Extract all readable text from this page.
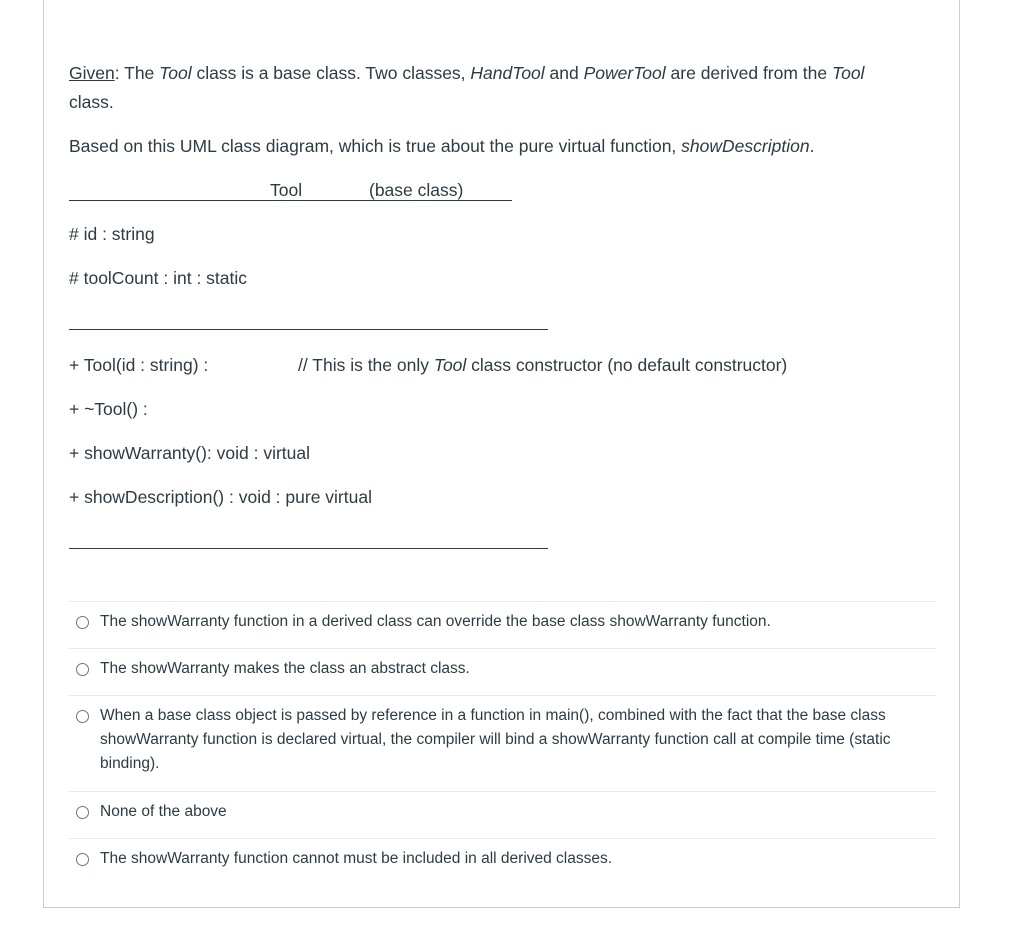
Given: The Tool class is a base class. Two classes, HandTool and PowerTool are derived from the Tool
class.
Based on this UML class diagram, which is true about the pure virtual function, showDescription.
Tool	(base class)
# id : string
# toolCount : int : static
+ Tool(id : string) :	// This is the only Tool class constructor (no default constructor)
+ ~Tool() :
+ showWarranty(): void : virtual
+ showDescription() : void : pure virtual
The showWarranty function in a derived class can override the base class showWarranty function.
The showWarranty makes the class an abstract class.
When a base class object is passed by reference in a function in main(), combined with the fact that the base class showWarranty function is declared virtual, the compiler will bind a showWarranty function call at compile time (static binding).
None of the above
The showWarranty function cannot must be included in all derived classes.
